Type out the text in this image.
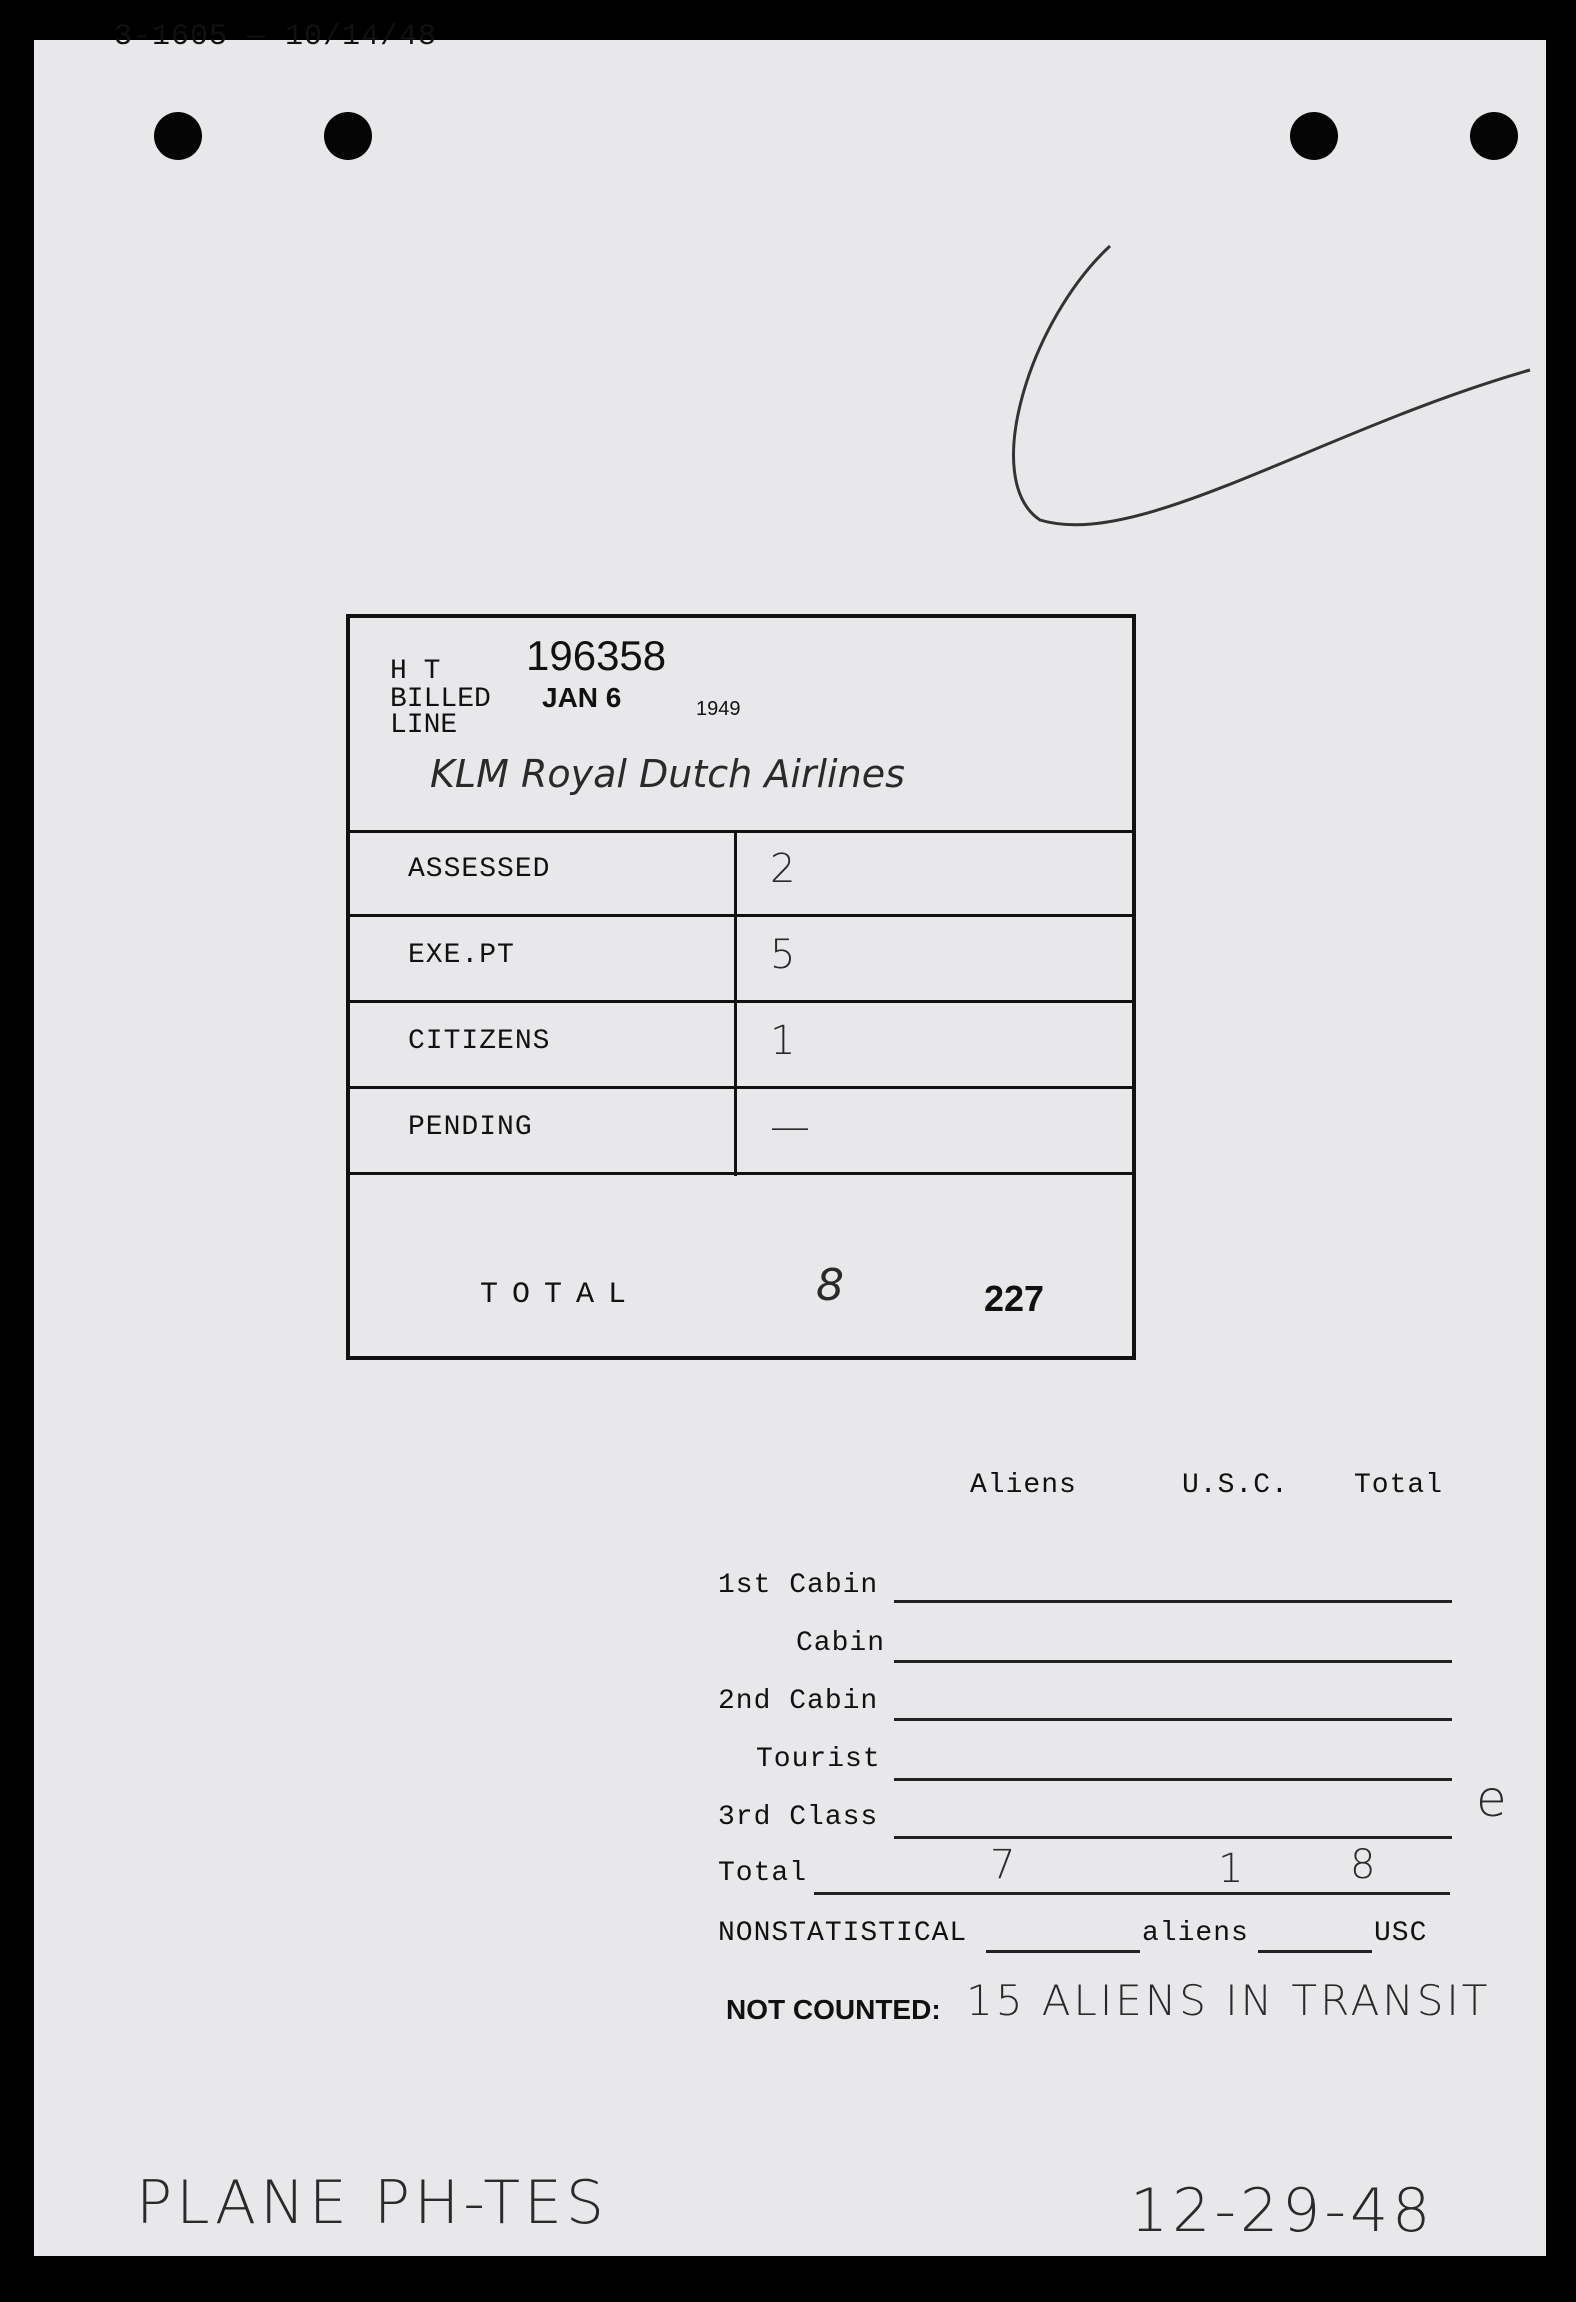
3-1605 — 10/14/48
H T 196358
BILLED JAN 6	1949
LINE
KLM Royal Dutch Airlines
ASSESSED	2
EXE.PT	5
CITIZENS	1
PENDING	—
TOTAL	8	227
Aliens	U.S.C. Total
1st Cabin
Cabin
2nd Cabin
Tourist
3rd Class	e
Total	7	1	8
NONSTATISTICAL	aliens	USC
NOT COUNTED: 15 ALIENS IN TRANSIT
PLANE PH-TES	12-29-48
